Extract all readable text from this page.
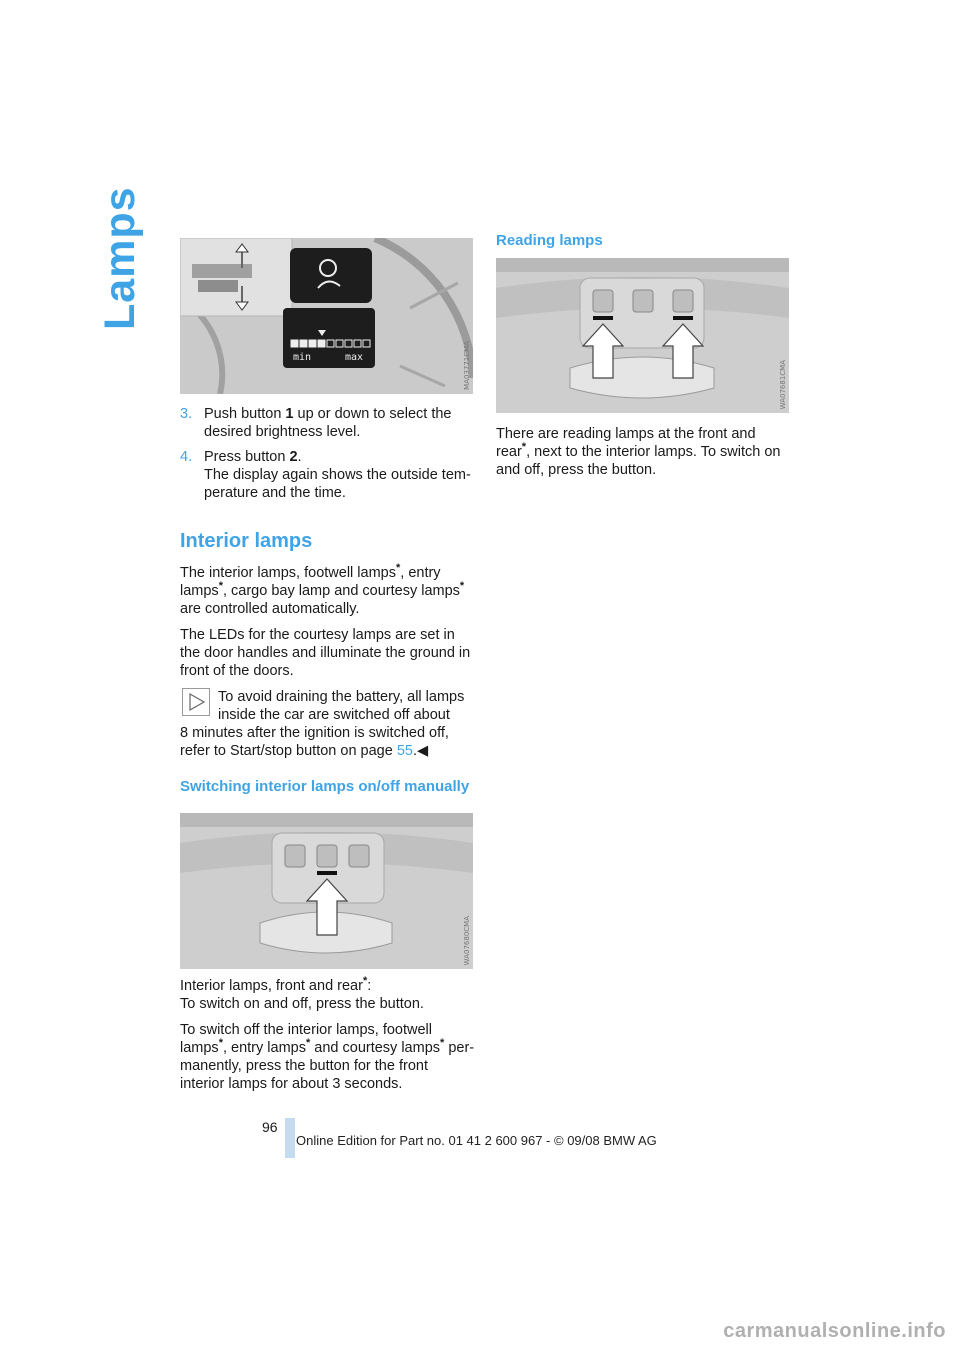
Lamps
min	max	MA03771CMA
3. Push button 1 up or down to select the desired brightness level.
4. Press button 2.
The display again shows the outside tem-perature and the time.
Interior lamps

The interior lamps, footwell lamps*, entry lamps*, cargo bay lamp and courtesy lamps* are controlled automatically.

The LEDs for the courtesy lamps are set in the door handles and illuminate the ground in front of the doors.

To avoid draining the battery, all lamps inside the car are switched off about

8 minutes after the ignition is switched off, refer to Start/stop button on page 55.◀
Switching interior lamps on/off manually
WA07680CMA

Interior lamps, front and rear*:
To switch on and off, press the button.

To switch off the interior lamps, footwell lamps*, entry lamps* and courtesy lamps* per-manently, press the button for the front interior lamps for about 3 seconds.

Reading lamps
WA07681CMA

There are reading lamps at the front and rear*, next to the interior lamps. To switch on and off, press the button.

96
Online Edition for Part no. 01 41 2 600 967 - © 09/08 BMW AG
carmanualsonline.info
